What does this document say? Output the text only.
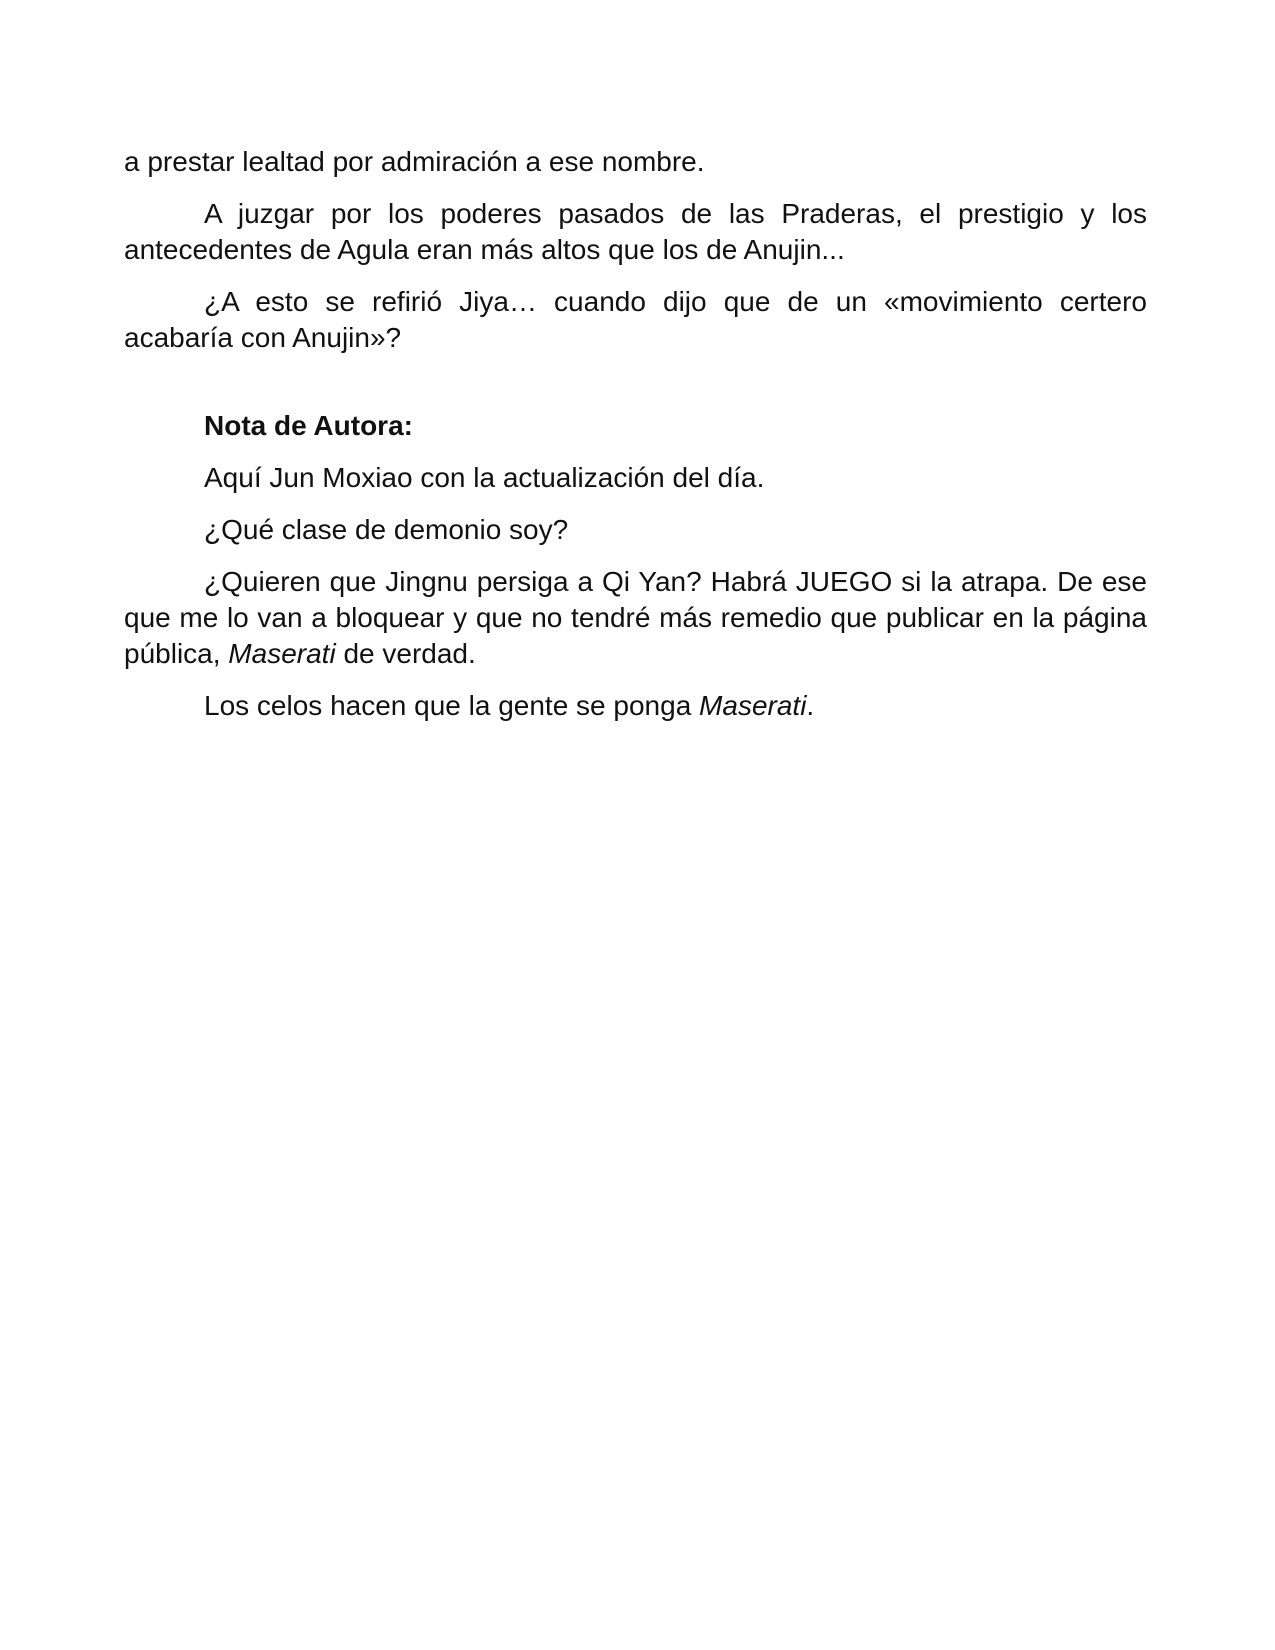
a prestar lealtad por admiración a ese nombre.

A juzgar por los poderes pasados de las Praderas, el prestigio y los antecedentes de Agula eran más altos que los de Anujin...

¿A esto se refirió Jiya… cuando dijo que de un «movimiento certero acabaría con Anujin»?

Nota de Autora:

Aquí Jun Moxiao con la actualización del día.

¿Qué clase de demonio soy?

¿Quieren que Jingnu persiga a Qi Yan? Habrá JUEGO si la atrapa. De ese que me lo van a bloquear y que no tendré más remedio que publicar en la página pública, Maserati de verdad.

Los celos hacen que la gente se ponga Maserati.
